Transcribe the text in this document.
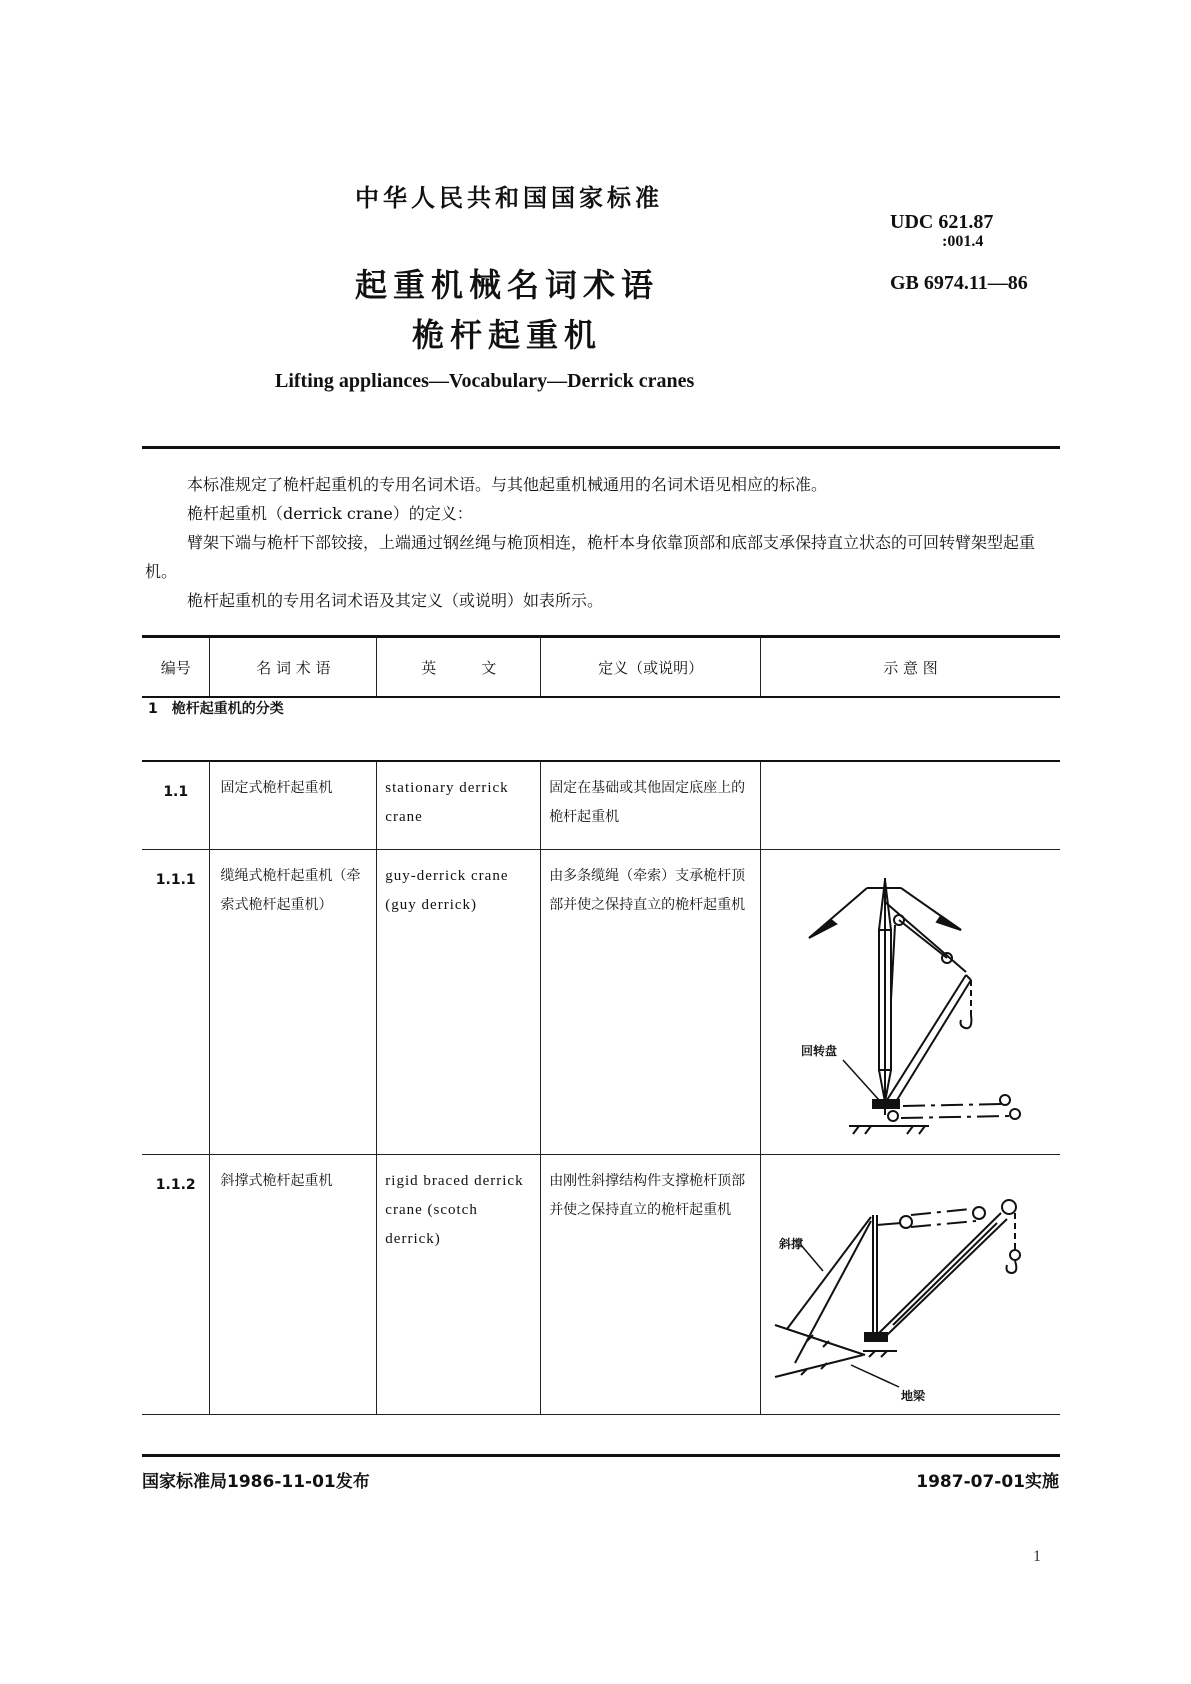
中华人民共和国国家标准
UDC 621.87
:001.4
起重机械名词术语	GB 6974.11—86
桅杆起重机
Lifting appliances—Vocabulary—Derrick cranes

本标准规定了桅杆起重机的专用名词术语。与其他起重机械通用的名词术语见相应的标准。

桅杆起重机（derrick crane）的定义：

臂架下端与桅杆下部铰接，上端通过钢丝绳与桅顶相连，桅杆本身依靠顶部和底部支承保持直立状态的可回转臂架型起重机。

桅杆起重机的专用名词术语及其定义（或说明）如表所示。

编号	名 词 术 语	英　　　文	定义（或说明）	示 意 图
1　桅杆起重机的分类				
1.1	固定式桅杆起重机	stationary derrick crane	固定在基础或其他固定底座上的桅杆起重机	
1.1.1	缆绳式桅杆起重机（牵索式桅杆起重机）	guy-derrick crane (guy derrick)	由多条缆绳（牵索）支承桅杆顶部并使之保持直立的桅杆起重机	回转盘

1.1.2	斜撑式桅杆起重机	rigid braced derrick crane (scotch derrick)	由刚性斜撑结构件支撑桅杆顶部并使之保持直立的桅杆起重机	斜撑
地梁
国家标准局1986-11-01发布	1987-07-01实施
1
